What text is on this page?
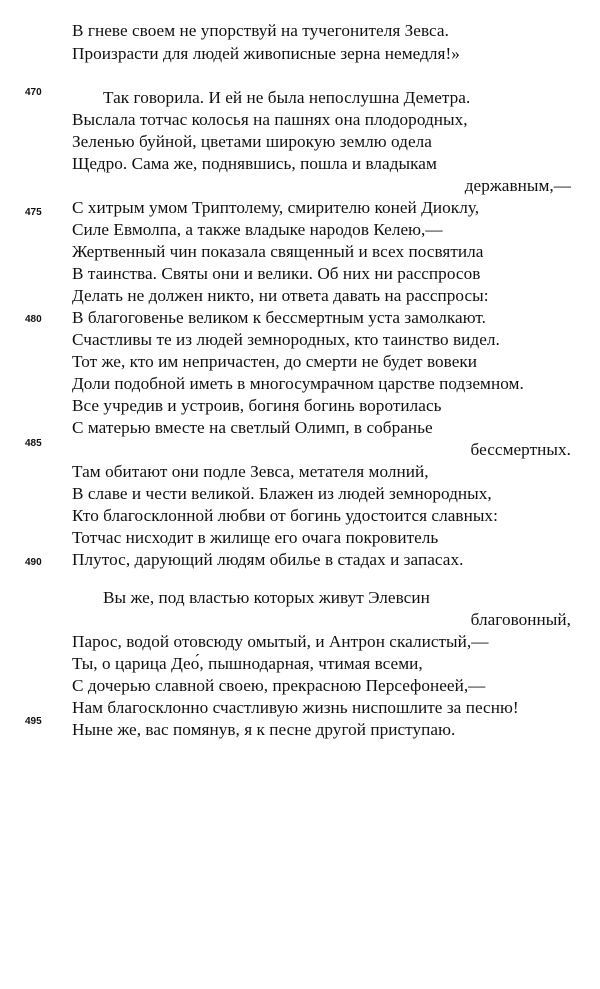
В гневе своем не упорствуй на тучегонителя Зевса.
Произрасти для людей живописные зерна немедля!»
470	Так говорила. И ей не была непослушна Деметра.
Выслала тотчас колосья на пашнях она плодородных,
Зеленью буйной, цветами широкую землю одела
Щедро. Сама же, поднявшись, пошла и владыкам
державным,—
475 С хитрым умом Триптолему, смирителю коней Диоклу,
Силе Евмолпа, а также владыке народов Келею,—
Жертвенный чин показала священный и всех посвятила
В таинства. Святы они и велики. Об них ни расспросов
Делать не должен никто, ни ответа давать на расспросы:
В благоговенье великом к бессмертным уста замолкают.
480
Счастливы те из людей земнородных, кто таинство видел.
Тот же, кто им непричастен, до смерти не будет вовеки
Доли подобной иметь в многосумрачном царстве подземном.
Все учредив и устроив, богиня богинь воротилась
С матерью вместе на светлый Олимп, в собранье
бессмертных.
485
Там обитают они подле Зевса, метателя молний,
В славе и чести великой. Блажен из людей земнородных,
Кто благосклонной любви от богинь удостоится славных:
Тотчас нисходит в жилище его очага покровитель
Плутос, дарующий людям обилье в стадах и запасах.
490
Вы же, под властью которых живут Элевсин
благовонный,
Парос, водой отовсюду омытый, и Антрон скалистый,—
Ты, о царица Део́, пышнодарная, чтимая всеми,
С дочерью славной своею, прекрасною Персефонеей,—
Нам благосклонно счастливую жизнь ниспошлите за песню!
495 Ныне же, вас помянув, я к песне другой приступаю.
